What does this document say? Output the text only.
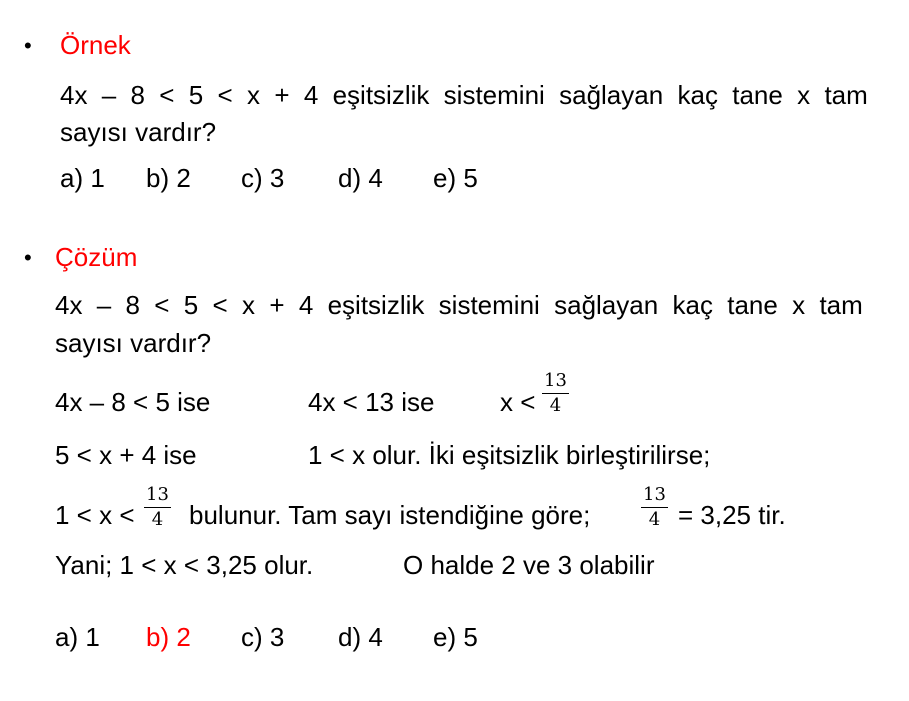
• Örnek
4x – 8 < 5 < x + 4 eşitsizlik sistemini sağlayan kaç tane x tam
sayısı vardır?
a) 1 b) 2 c) 3 d) 4 e) 5
• Çözüm
4x – 8 < 5 < x + 4 eşitsizlik sistemini sağlayan kaç tane x tam
sayısı vardır?
4x – 8 < 5 ise	4x < 13 ise	x <
13
4
5 < x + 4 ise	1 < x olur. İki eşitsizlik birleştirilirse;
1 < x <
13
4 bulunur. Tam sayı istendiğine göre;
13
4 = 3,25 tir.
Yani; 1 < x < 3,25 olur.	O halde 2 ve 3 olabilir
a) 1 b) 2 c) 3 d) 4 e) 5
